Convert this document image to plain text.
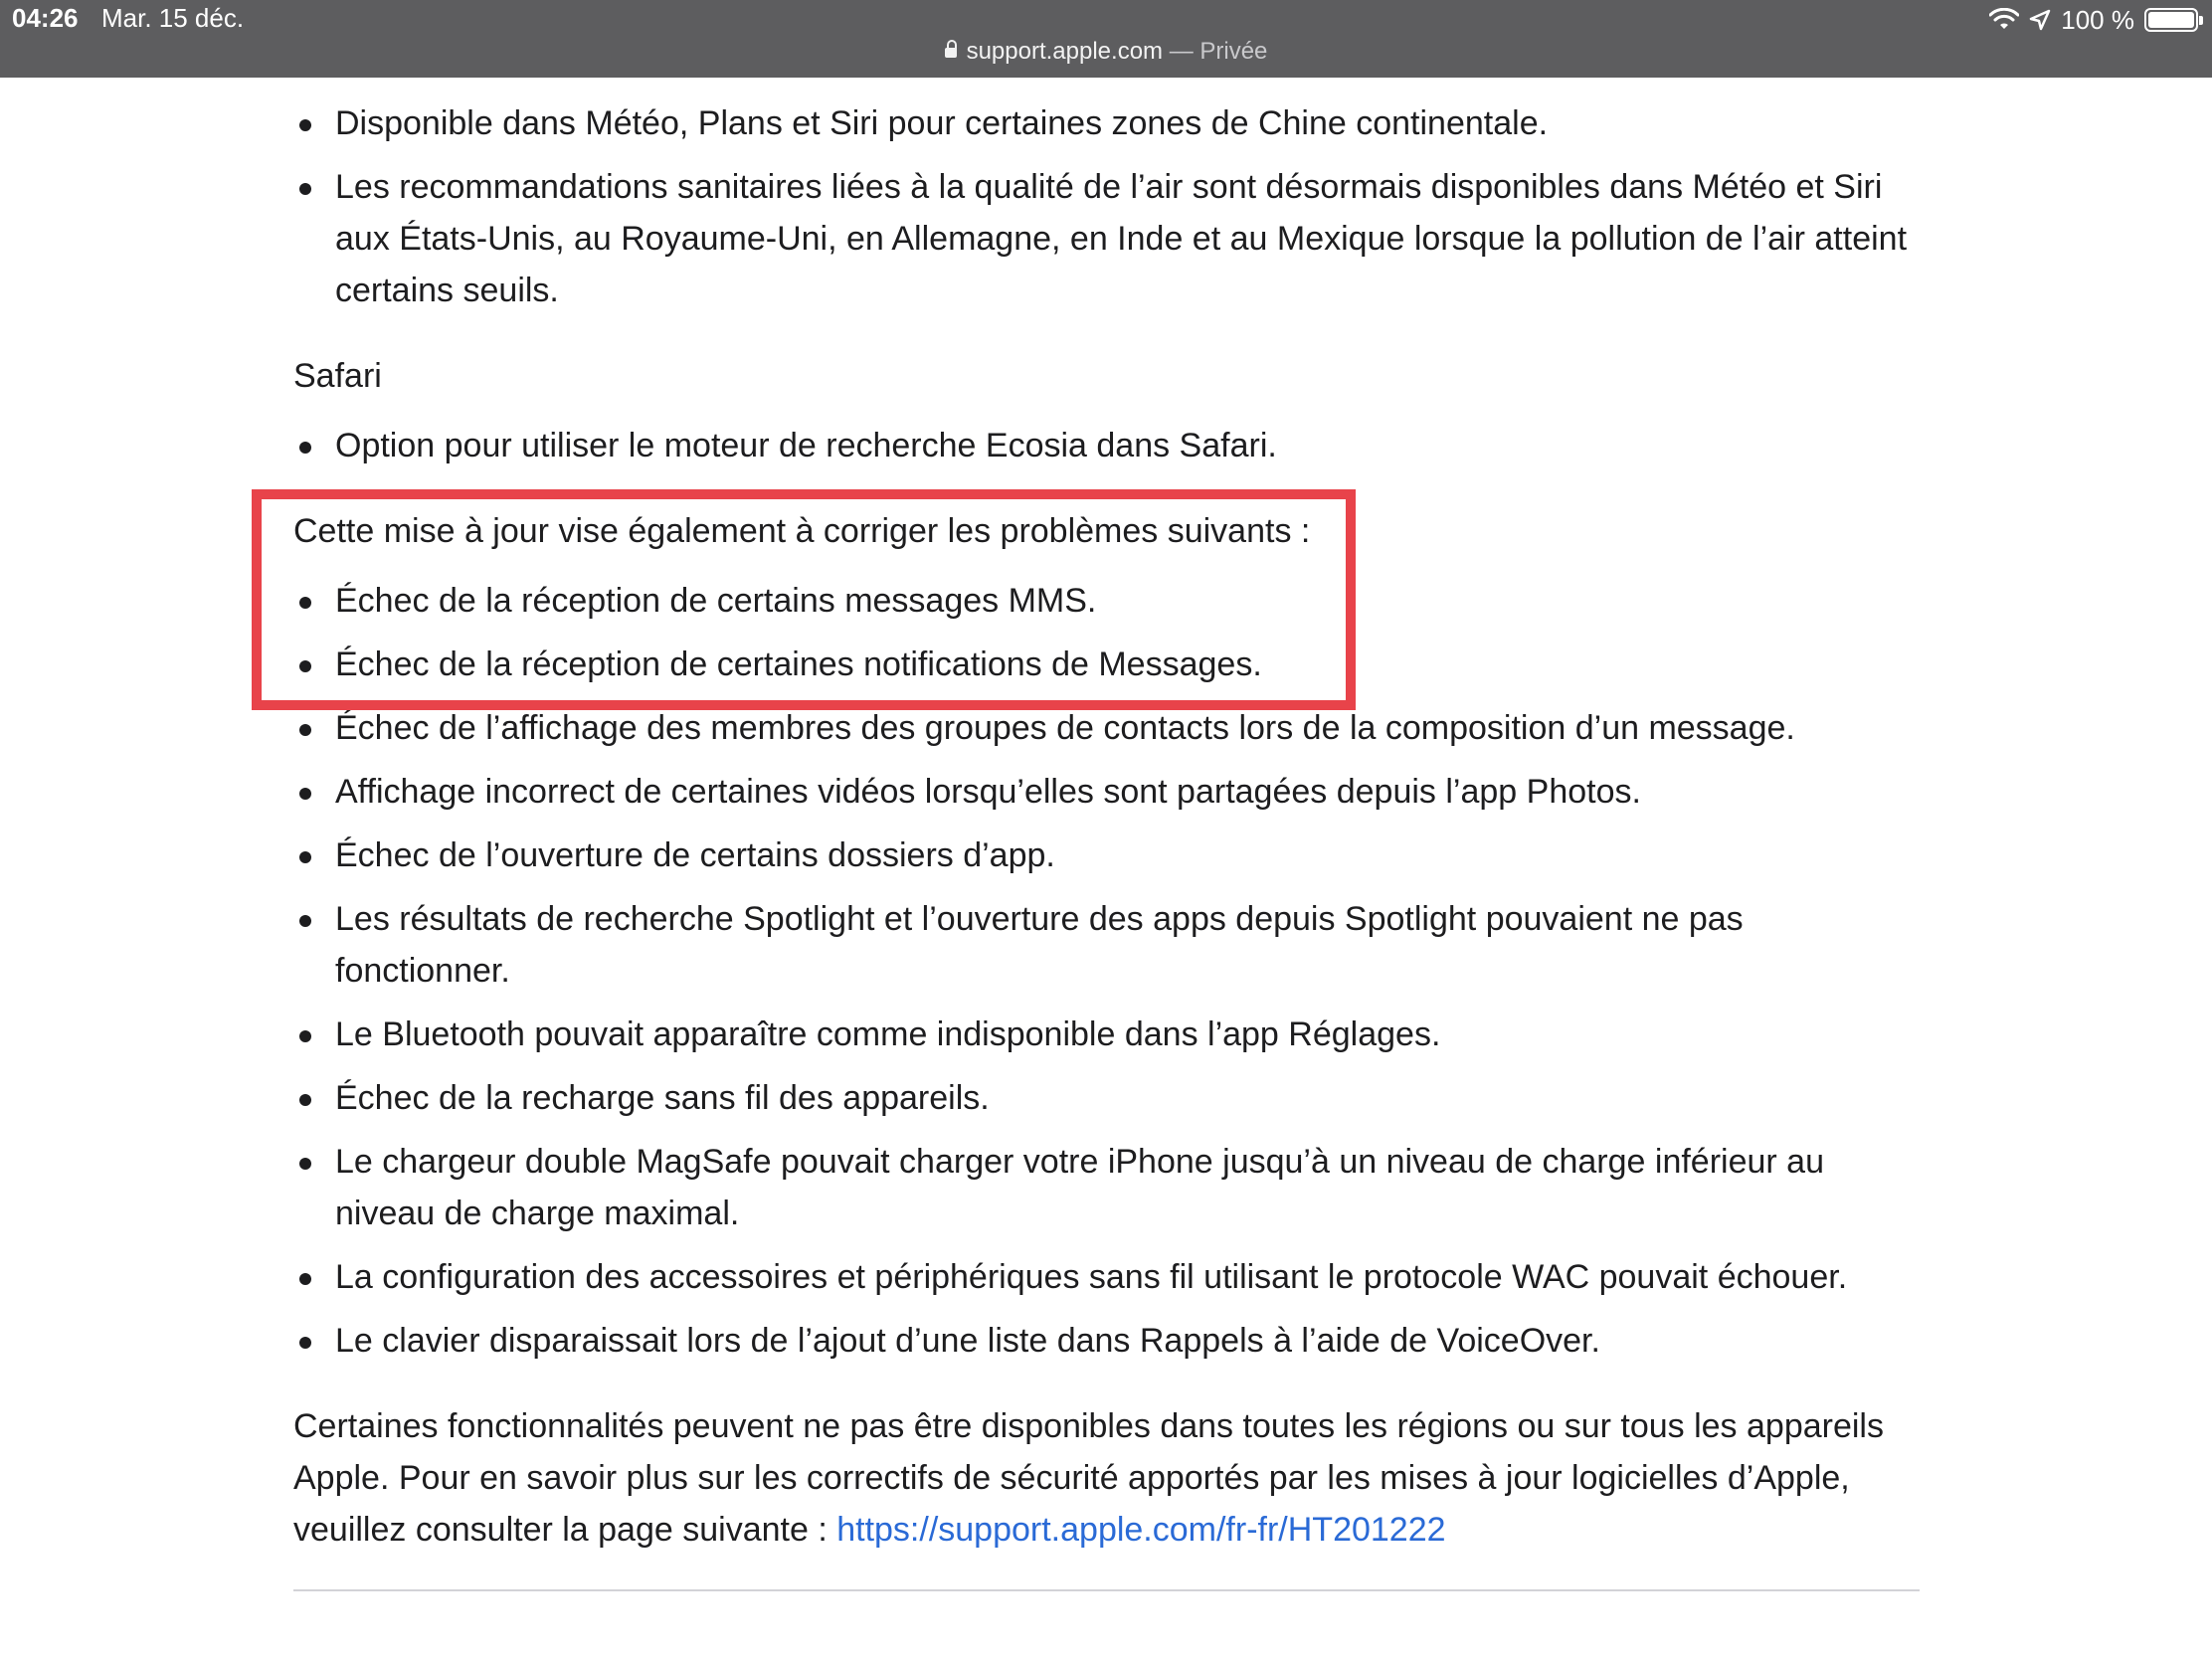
04:26 Mar. 15 déc.	100 %
support.apple.com — Privée
Disponible dans Météo, Plans et Siri pour certaines zones de Chine continentale.
Les recommandations sanitaires liées à la qualité de l’air sont désormais disponibles dans Météo et Siri aux États-Unis, au Royaume-Uni, en Allemagne, en Inde et au Mexique lorsque la pollution de l’air atteint certains seuils.

Safari

Option pour utiliser le moteur de recherche Ecosia dans Safari.

Cette mise à jour vise également à corriger les problèmes suivants :

Échec de la réception de certains messages MMS.
Échec de la réception de certaines notifications de Messages.
Échec de l’affichage des membres des groupes de contacts lors de la composition d’un message.
Affichage incorrect de certaines vidéos lorsqu’elles sont partagées depuis l’app Photos.
Échec de l’ouverture de certains dossiers d’app.
Les résultats de recherche Spotlight et l’ouverture des apps depuis Spotlight pouvaient ne pas fonctionner.
Le Bluetooth pouvait apparaître comme indisponible dans l’app Réglages.
Échec de la recharge sans fil des appareils.
Le chargeur double MagSafe pouvait charger votre iPhone jusqu’à un niveau de charge inférieur au niveau de charge maximal.
La configuration des accessoires et périphériques sans fil utilisant le protocole WAC pouvait échouer.
Le clavier disparaissait lors de l’ajout d’une liste dans Rappels à l’aide de VoiceOver.

Certaines fonctionnalités peuvent ne pas être disponibles dans toutes les régions ou sur tous les appareils Apple. Pour en savoir plus sur les correctifs de sécurité apportés par les mises à jour logicielles d’Apple, veuillez consulter la page suivante : https://support.apple.com/fr-fr/HT201222
